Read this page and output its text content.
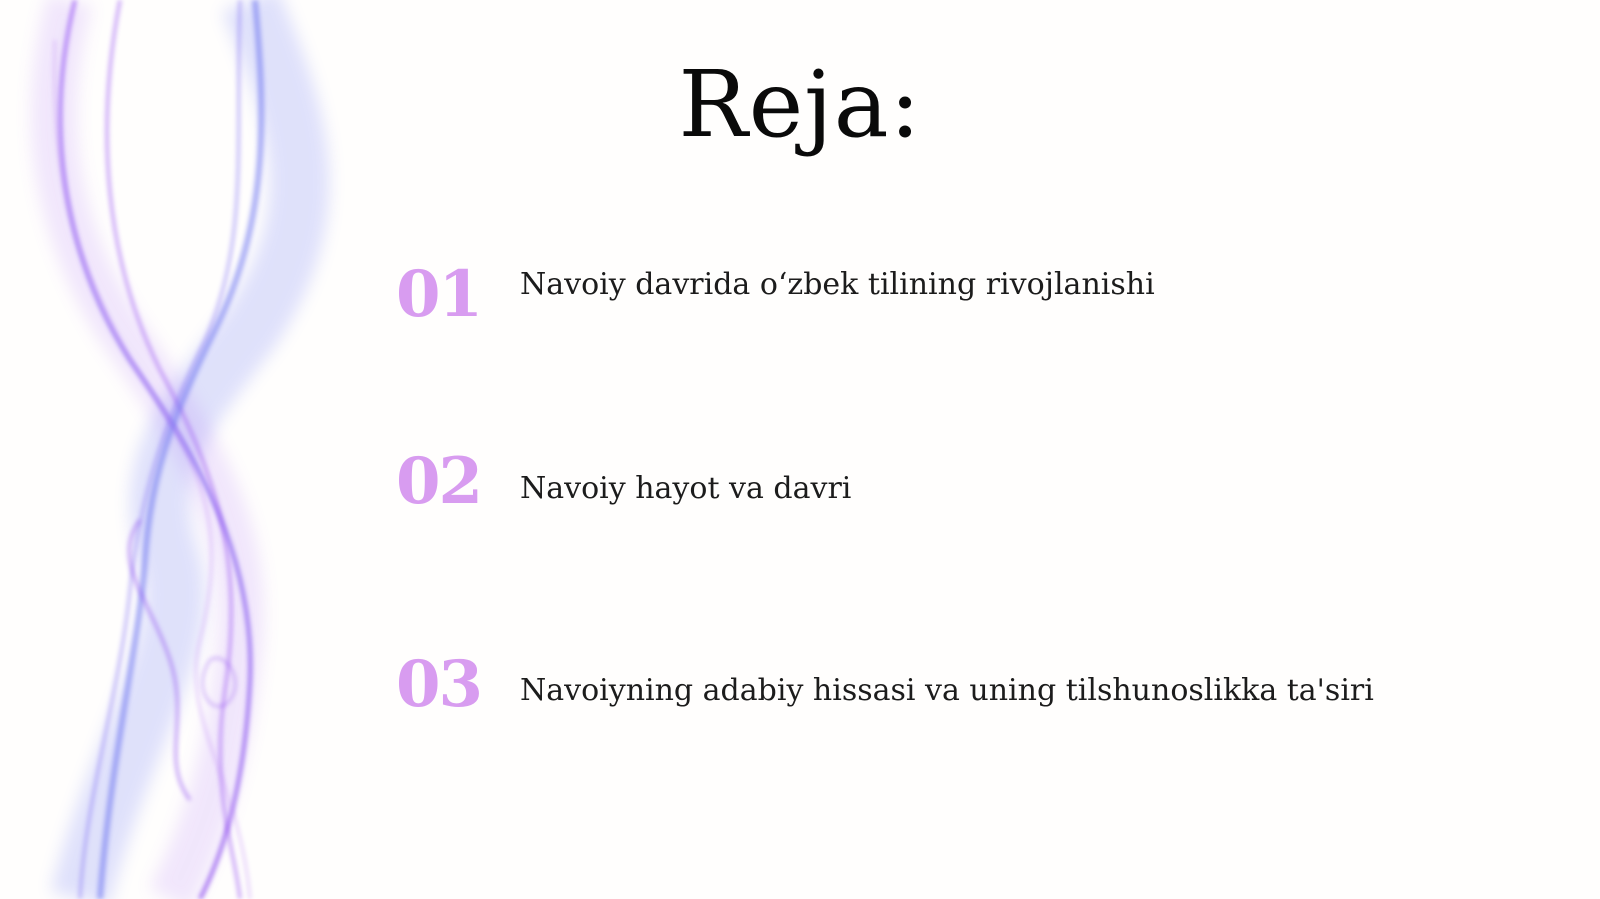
Reja:
01	Navoiy davrida o‘zbek tilining rivojlanishi
02	Navoiy hayot va davri
03	Navoiyning adabiy hissasi va uning tilshunoslikka ta'siri
